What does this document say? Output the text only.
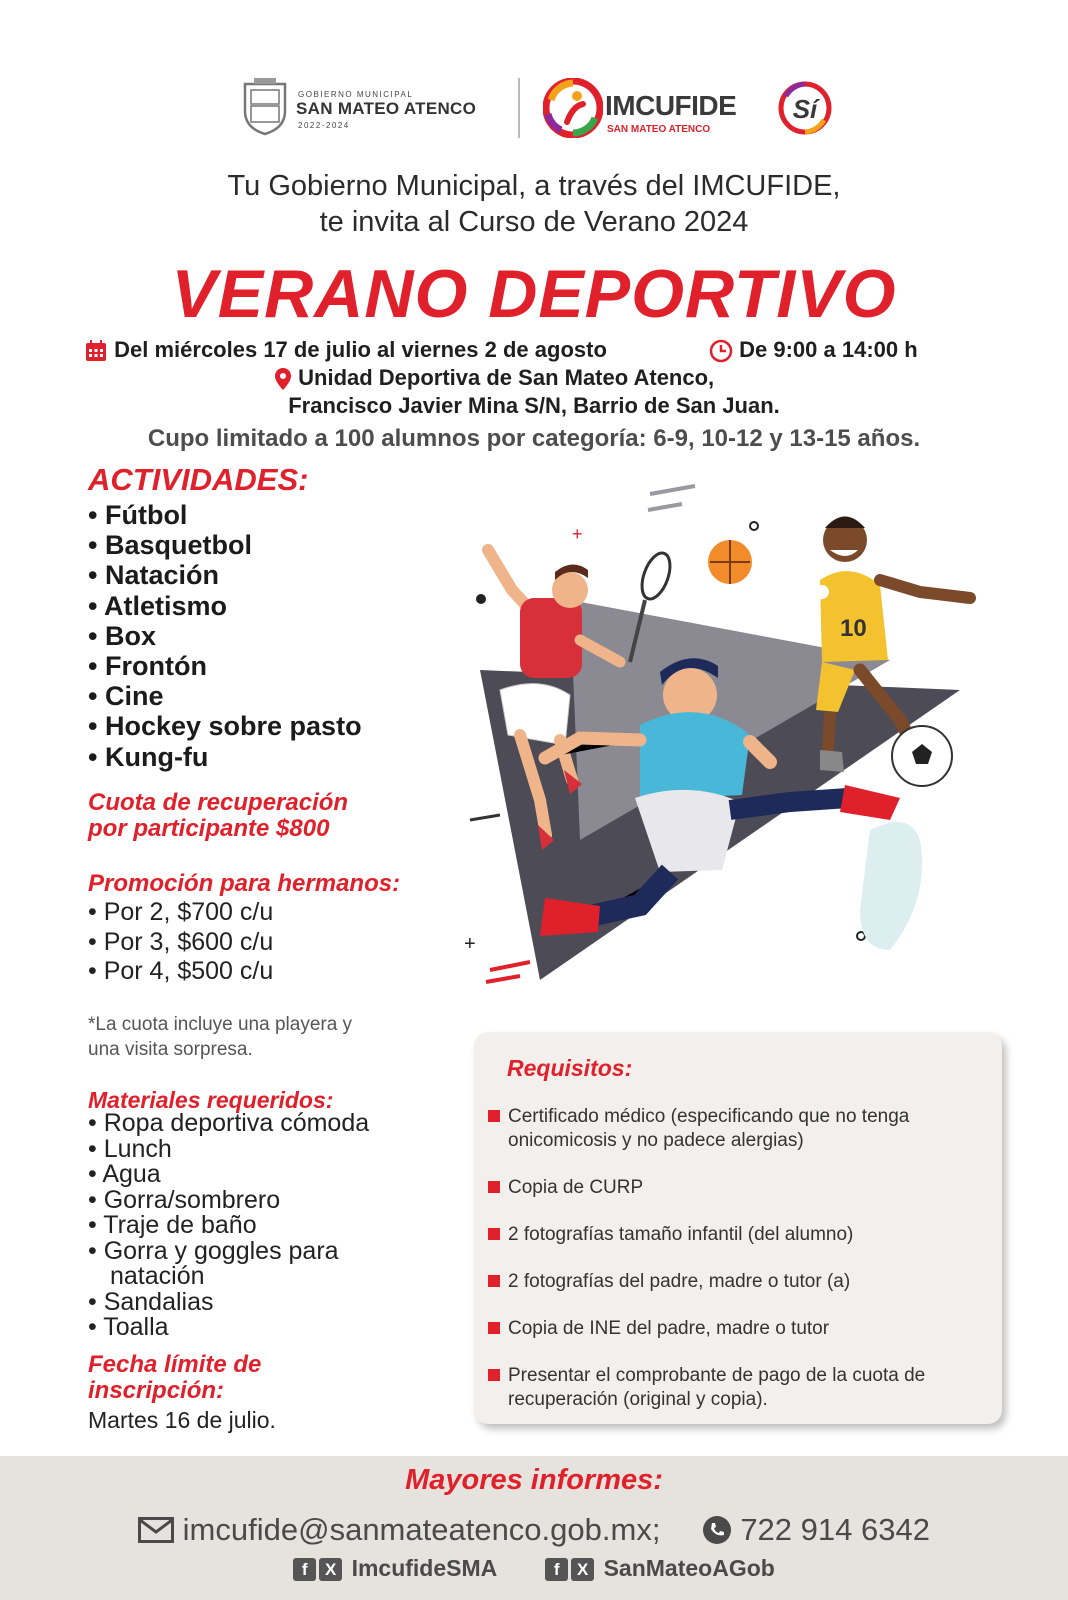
GOBIERNO MUNICIPAL
SAN MATEO ATENCO
2022-2024
IMCUFIDE
SAN MATEO ATENCO
Sí
Tu Gobierno Municipal, a través del IMCUFIDE,
te invita al Curso de Verano 2024
VERANO DEPORTIVO
Del miércoles 17 de julio al viernes 2 de agosto	De 9:00 a 14:00 h
Unidad Deportiva de San Mateo Atenco,
Francisco Javier Mina S/N, Barrio de San Juan.
Cupo limitado a 100 alumnos por categoría: 6-9, 10-12 y 13-15 años.
ACTIVIDADES:
• Fútbol
• Basquetbol
• Natación
• Atletismo
• Box
• Frontón
• Cine
• Hockey sobre pasto
• Kung-fu
Cuota de recuperación
por participante $800
Promoción para hermanos:
• Por 2, $700 c/u
• Por 3, $600 c/u
• Por 4, $500 c/u
*La cuota incluye una playera y
una visita sorpresa.
Materiales requeridos:
• Ropa deportiva cómoda
• Lunch
• Agua
• Gorra/sombrero
• Traje de baño
• Gorra y goggles para natación
• Sandalias
• Toalla
Fecha límite de
inscripción:
Martes 16 de julio.
+
+
10
Requisitos:
Certificado médico (especificando que no tenga onicomicosis y no padece alergias)
Copia de CURP
2 fotografías tamaño infantil (del alumno)
2 fotografías del padre, madre o tutor (a)
Copia de INE del padre, madre o tutor
Presentar el comprobante de pago de la cuota de recuperación (original y copia).
Mayores informes:
imcufide@sanmateatenco.gob.mx;	722 914 6342
f X ImcufideSMA	f X SanMateoAGob
